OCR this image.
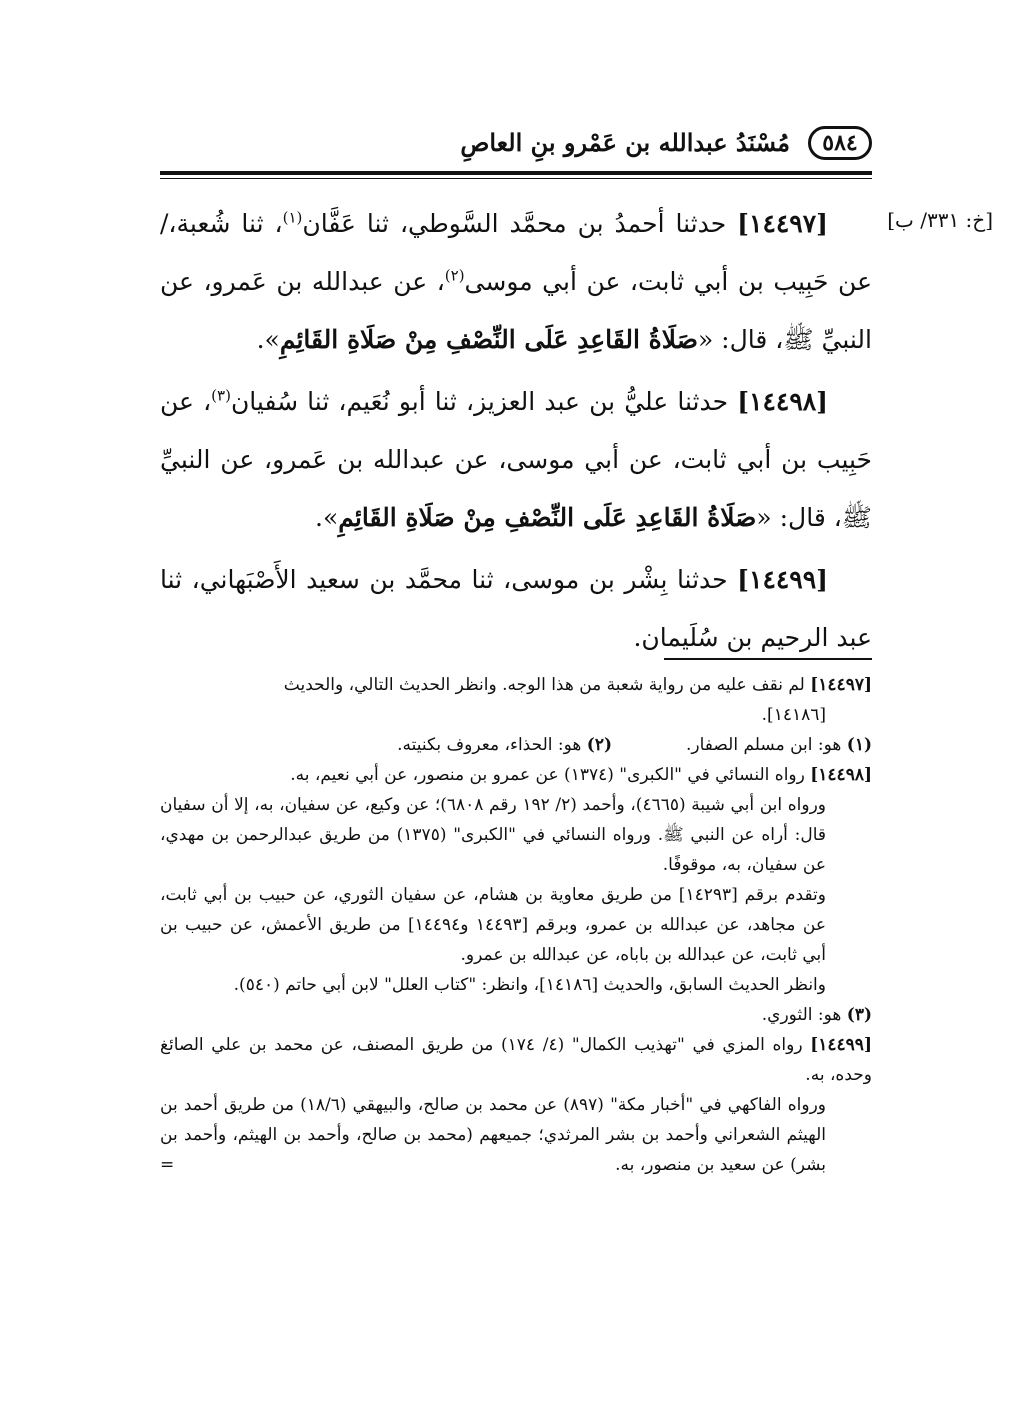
٥٨٤
مُسْنَدُ عبدالله بن عَمْرو بنِ العاصِ
[خ: ٣٣١/ ب]

[١٤٤٩٧] حدثنا أحمدُ بن محمَّد السَّوطي، ثنا عَفَّان$^{(١)}$، ثنا شُعبة،/ عن حَبِيب بن أبي ثابت، عن أبي موسى$^{(٢)}$، عن عبدالله بن عَمرو، عن النبيِّ ﷺ، قال: «صَلَاةُ القَاعِدِ عَلَى النِّصْفِ مِنْ صَلَاةِ القَائِمِ».

[١٤٤٩٨] حدثنا عليُّ بن عبد العزيز، ثنا أبو نُعَيم، ثنا سُفيان$^{(٣)}$، عن حَبِيب بن أبي ثابت، عن أبي موسى، عن عبدالله بن عَمرو، عن النبيِّ ﷺ، قال: «صَلَاةُ القَاعِدِ عَلَى النِّصْفِ مِنْ صَلَاةِ القَائِمِ».

[١٤٤٩٩] حدثنا بِشْر بن موسى، ثنا محمَّد بن سعيد الأَصْبَهاني، ثنا عبد الرحيم بن سُلَيمان.

[١٤٤٩٧] لم نقف عليه من رواية شعبة من هذا الوجه. وانظر الحديث التالي، والحديث

[١٤١٨٦].

(١) هو: ابن مسلم الصفار.
(٢) هو: الحذاء، معروف بكنيته.

[١٤٤٩٨] رواه النسائي في "الكبرى" (١٣٧٤) عن عمرو بن منصور، عن أبي نعيم، به.

ورواه ابن أبي شيبة (٤٦٦٥)، وأحمد (٢/ ١٩٢ رقم ٦٨٠٨)؛ عن وكيع، عن سفيان، به، إلا أن سفيان قال: أراه عن النبي ﷺ. ورواه النسائي في "الكبرى" (١٣٧٥) من طريق عبدالرحمن بن مهدي، عن سفيان، به، موقوفًا.

وتقدم برقم [١٤٢٩٣] من طريق معاوية بن هشام، عن سفيان الثوري، عن حبيب بن أبي ثابت، عن مجاهد، عن عبدالله بن عمرو، وبرقم [١٤٤٩٣ و١٤٤٩٤] من طريق الأعمش، عن حبيب بن أبي ثابت، عن عبدالله بن باباه، عن عبدالله بن عمرو.

وانظر الحديث السابق، والحديث [١٤١٨٦]، وانظر: "كتاب العلل" لابن أبي حاتم (٥٤٠).

(٣) هو: الثوري.

[١٤٤٩٩] رواه المزي في "تهذيب الكمال" (٤/ ١٧٤) من طريق المصنف، عن محمد بن علي الصائغ وحده، به.

ورواه الفاكهي في "أخبار مكة" (٨٩٧) عن محمد بن صالح، والبيهقي (١٨/٦) من طريق أحمد بن الهيثم الشعراني وأحمد بن بشر المرثدي؛ جميعهم (محمد بن صالح، وأحمد بن الهيثم، وأحمد بن بشر) عن سعيد بن منصور، به.
=
